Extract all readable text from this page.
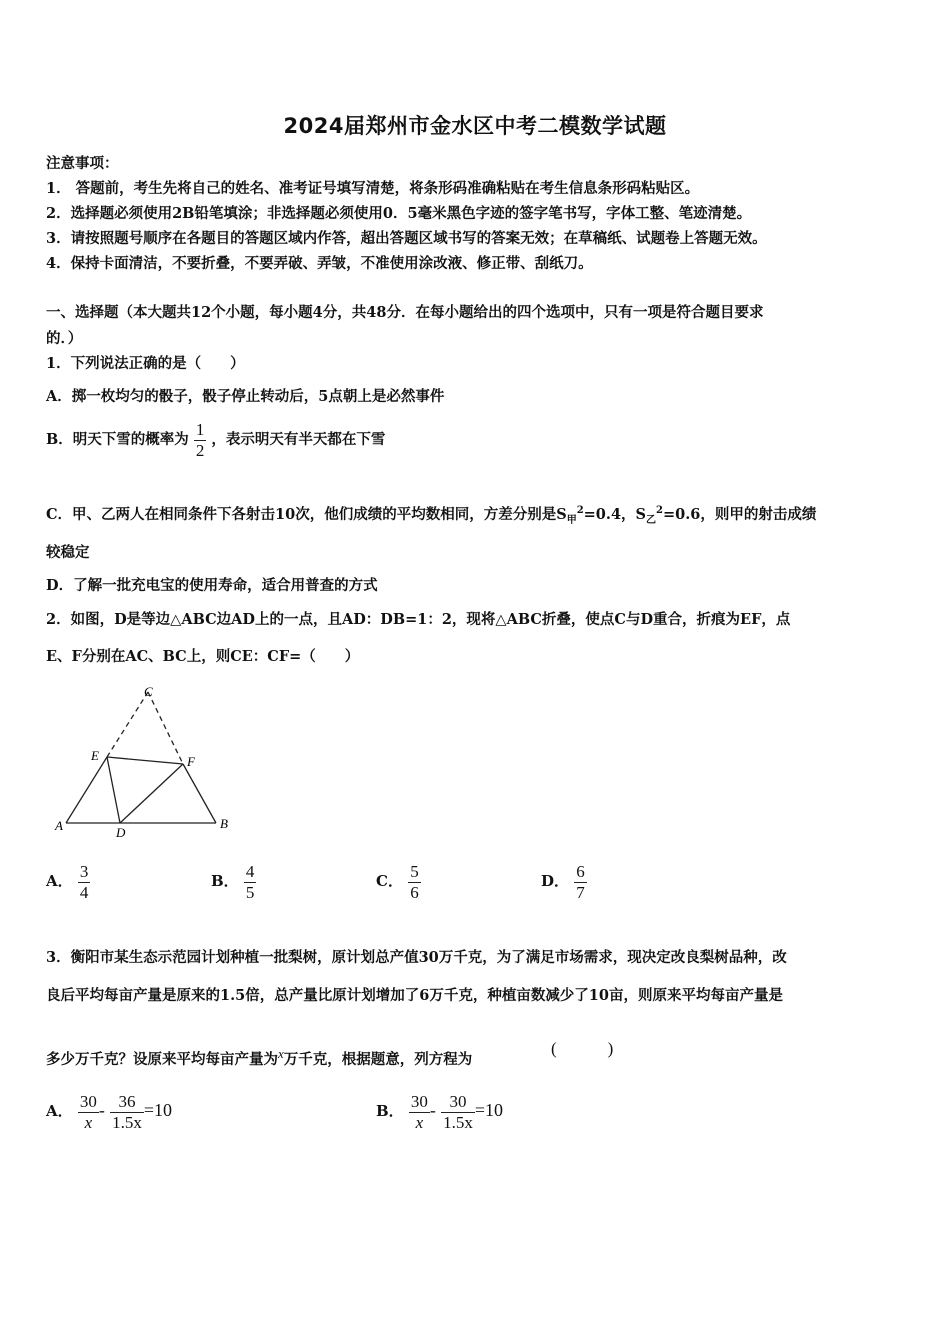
2024届郑州市金水区中考二模数学试题
注意事项：
1． 答题前，考生先将自己的姓名、准考证号填写清楚，将条形码准确粘贴在考生信息条形码粘贴区。
2．选择题必须使用2B铅笔填涂；非选择题必须使用0．5毫米黑色字迹的签字笔书写，字体工整、笔迹清楚。
3．请按照题号顺序在各题目的答题区域内作答，超出答题区域书写的答案无效；在草稿纸、试题卷上答题无效。
4．保持卡面清洁，不要折叠，不要弄破、弄皱，不准使用涂改液、修正带、刮纸刀。
一、选择题（本大题共12个小题，每小题4分，共48分．在每小题给出的四个选项中，只有一项是符合题目要求
的．）
1．下列说法正确的是（　　）
A．掷一枚均匀的骰子，骰子停止转动后，5点朝上是必然事件
B．明天下雪的概率为 $\frac{1}{2}$ ，表示明天有半天都在下雪
C．甲、乙两人在相同条件下各射击10次，他们成绩的平均数相同，方差分别是$S_甲^2=0.4$，$S_乙^2=0.6$，则甲的射击成绩
较稳定
D．了解一批充电宝的使用寿命，适合用普查的方式
2．如图，D是等边△ABC边AD上的一点，且AD：DB=1：2，现将△ABC折叠，使点C与D重合，折痕为EF，点
E、F分别在AC、BC上，则CE：CF=（　　）
C
E	F
A	D
B
A． $\frac{3}{4}$	B． $\frac{4}{5}$	C． $\frac{5}{6}$	D． $\frac{6}{7}$
3．衡阳市某生态示范园计划种植一批梨树，原计划总产值30万千克，为了满足市场需求，现决定改良梨树品种，改
良后平均每亩产量是原来的1.5倍，总产量比原计划增加了6万千克，种植亩数减少了10亩，则原来平均每亩产量是
多少万千克？设原来平均每亩产量为$^x$万千克，根据题意，列方程为
(　　　)
A． $\frac{30}{x} - \frac{36}{1.5x} =10$	B． $\frac{30}{x} - \frac{30}{1.5x} =10$
